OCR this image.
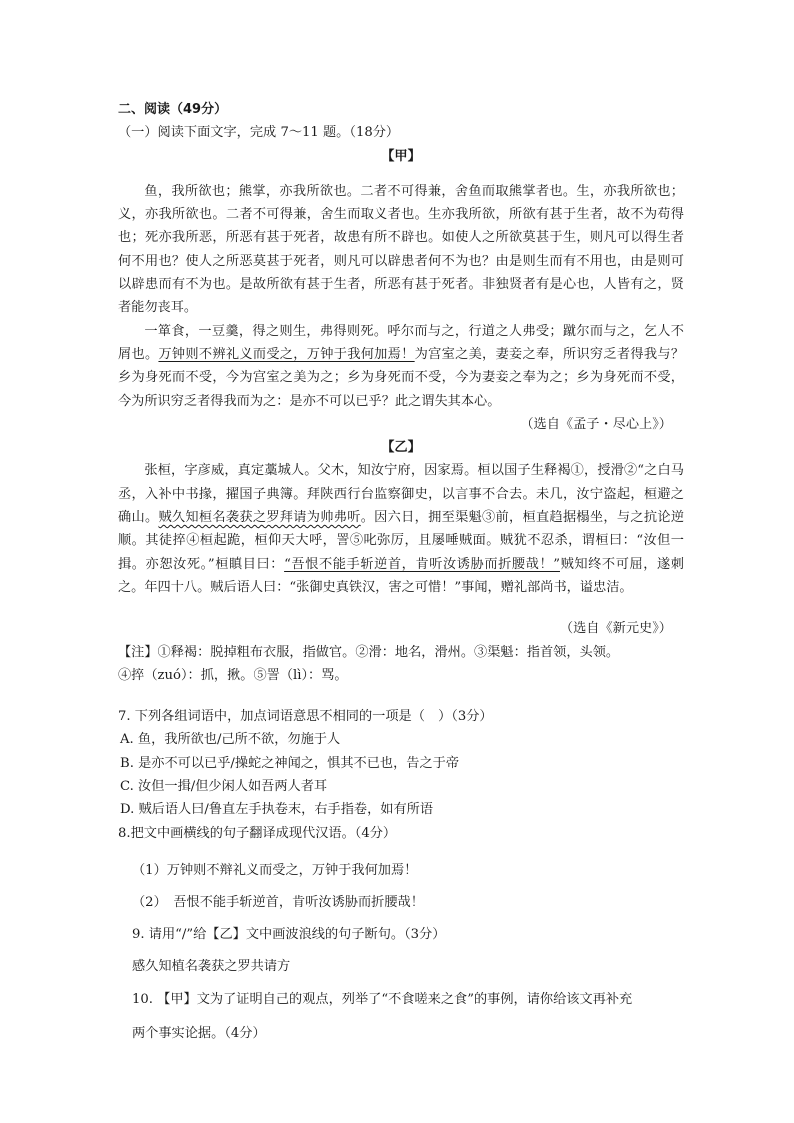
二、阅读（49分）
（一）阅读下面文字，完成 7～11 题。（18分）

【甲】

鱼，我所欲也；熊掌，亦我所欲也。二者不可得兼，舍鱼而取熊掌者也。生，亦我所欲也；义，亦我所欲也。二者不可得兼，舍生而取义者也。生亦我所欲，所欲有甚于生者，故不为苟得也；死亦我所恶，所恶有甚于死者，故患有所不辟也。如使人之所欲莫甚于生，则凡可以得生者何不用也？使人之所恶莫甚于死者，则凡可以辟患者何不为也？由是则生而有不用也，由是则可以辟患而有不为也。是故所欲有甚于生者，所恶有甚于死者。非独贤者有是心也，人皆有之，贤者能勿丧耳。

一箪食，一豆羹，得之则生，弗得则死。呼尔而与之，行道之人弗受；蹴尔而与之，乞人不屑也。万钟则不辨礼义而受之，万钟于我何加焉！为宫室之美，妻妾之奉，所识穷乏者得我与？乡为身死而不受，今为宫室之美为之；乡为身死而不受，今为妻妾之奉为之；乡为身死而不受，今为所识穷乏者得我而为之：是亦不可以已乎？此之谓失其本心。

（选自《孟子・尽心上》）

【乙】

张桓，字彦威，真定藁城人。父木，知汝宁府，因家焉。桓以国子生释褐①，授滑②“之白马丞，入补中书掾，擢国子典簿。拜陕西行台监察御史，以言事不合去。未几，汝宁盗起，桓避之确山。贼久知桓名袭获之罗拜请为帅弗听。因六日，拥至渠魁③前，桓直趋据榻坐，与之抗论逆顺。其徒捽④桓起跪，桓仰天大呼，詈⑤叱弥厉，且屡唾贼面。贼犹不忍杀，谓桓曰：“汝但一揖。亦恕汝死。”桓瞋目曰：“吾恨不能手斩逆首，肯听汝诱胁而折腰哉！”贼知终不可屈，遂刺之。年四十八。贼后语人曰：“张御史真铁汉，害之可惜！”事闻，赠礼部尚书，谥忠洁。

（选自《新元史》）

【注】①释褐：脱掉粗布衣服，指做官。②滑：地名，滑州。③渠魁：指首领，头领。

④捽（zuó）：抓，揪。⑤詈（lì）：骂。

7. 下列各组词语中，加点词语意思不相同的一项是（　）（3分）

A. 鱼，我所欲也/己所不欲，勿施于人

B. 是亦不可以已乎/操蛇之神闻之，惧其不已也，告之于帝

C. 汝但一揖/但少闲人如吾两人者耳

D. 贼后语人曰/鲁直左手执卷末，右手指卷，如有所语

8.把文中画横线的句子翻译成现代汉语。（4分）

（1）万钟则不辩礼义而受之，万钟于我何加焉！

（2）　吾恨不能手斩逆首，肯听汝诱胁而折腰哉！

9. 请用“/”给【乙】文中画波浪线的句子断句。（3分）

感久知植名袭获之罗共请方

10. 【甲】文为了证明自己的观点，列举了“不食嗟来之食”的事例，请你给该文再补充

两个事实论据。（4分）
